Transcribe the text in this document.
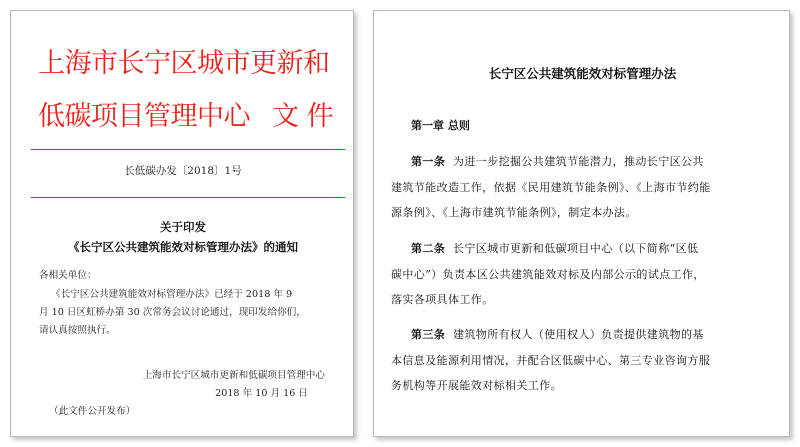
上海市长宁区城市更新和
低碳项目管理中心 文 件
长低碳办发〔2018〕1号
关于印发
《长宁区公共建筑能效对标管理办法》的通知
各相关单位：
《长宁区公共建筑能效对标管理办法》已经于 2018 年 9
月 10 日区虹桥办第 30 次常务会议讨论通过，现印发给你们，
请认真按照执行。
上海市长宁区城市更新和低碳项目管理中心
2018 年 10 月 16 日
（此文件公开发布）
长宁区公共建筑能效对标管理办法
第一章 总则
第一条 为进一步挖掘公共建筑节能潜力，推动长宁区公共
建筑节能改造工作，依据《民用建筑节能条例》、《上海市节约能
源条例》、《上海市建筑节能条例》，制定本办法。
第二条 长宁区城市更新和低碳项目中心（以下简称“区低
碳中心”）负责本区公共建筑能效对标及内部公示的试点工作，
落实各项具体工作。
第三条 建筑物所有权人（使用权人）负责提供建筑物的基
本信息及能源利用情况，并配合区低碳中心、第三专业咨询方服
务机构等开展能效对标相关工作。
